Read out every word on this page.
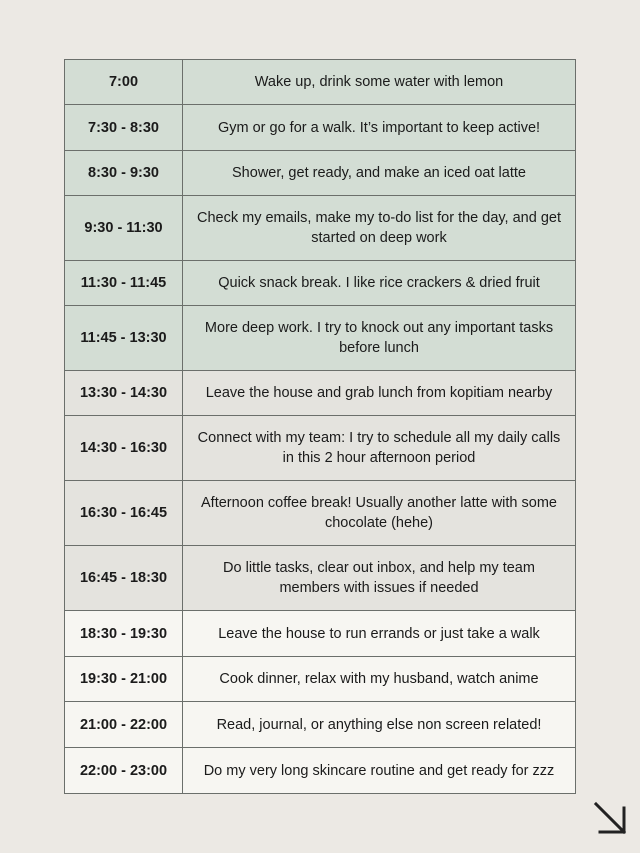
7:00	Wake up, drink some water with lemon
7:30 - 8:30	Gym or go for a walk. It’s important to keep active!
8:30 - 9:30	Shower, get ready, and make an iced oat latte
9:30 - 11:30	Check my emails, make my to-do list for the day, and get started on deep work
11:30 - 11:45	Quick snack break. I like rice crackers & dried fruit
11:45 - 13:30	More deep work. I try to knock out any important tasks before lunch
13:30 - 14:30	Leave the house and grab lunch from kopitiam nearby
14:30 - 16:30	Connect with my team: I try to schedule all my daily calls in this 2 hour afternoon period
16:30 - 16:45	Afternoon coffee break! Usually another latte with some chocolate (hehe)
16:45 - 18:30	Do little tasks, clear out inbox, and help my team members with issues if needed
18:30 - 19:30	Leave the house to run errands or just take a walk
19:30 - 21:00	Cook dinner, relax with my husband, watch anime
21:00 - 22:00	Read, journal, or anything else non screen related!
22:00 - 23:00	Do my very long skincare routine and get ready for zzz
